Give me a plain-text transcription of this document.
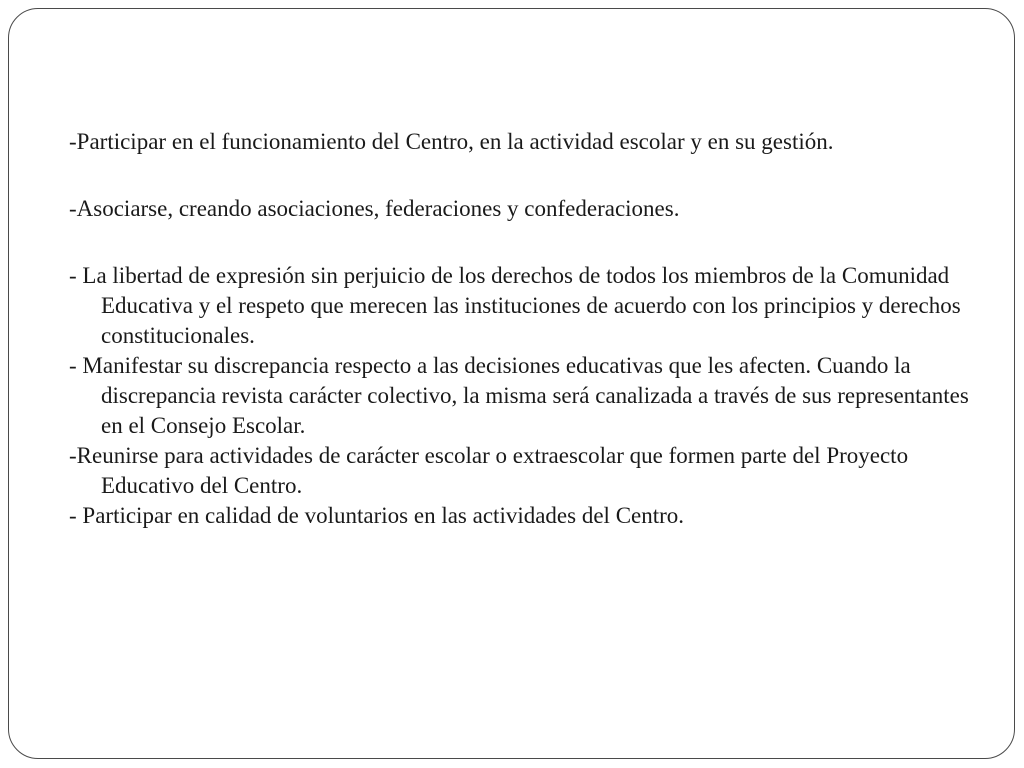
-Participar en el funcionamiento del Centro, en la actividad escolar y en su gestión.

-Asociarse, creando asociaciones, federaciones y confederaciones.

- La libertad de expresión sin perjuicio de los derechos de todos los miembros de la Comunidad Educativa y el respeto que merecen las instituciones de acuerdo con los principios y derechos constitucionales.

- Manifestar su discrepancia respecto a las decisiones educativas que les afecten. Cuando la discrepancia revista carácter colectivo, la misma será canalizada a través de sus representantes en el Consejo Escolar.

-Reunirse para actividades de carácter escolar o extraescolar que formen parte del Proyecto Educativo del Centro.

- Participar en calidad de voluntarios en las actividades del Centro.
